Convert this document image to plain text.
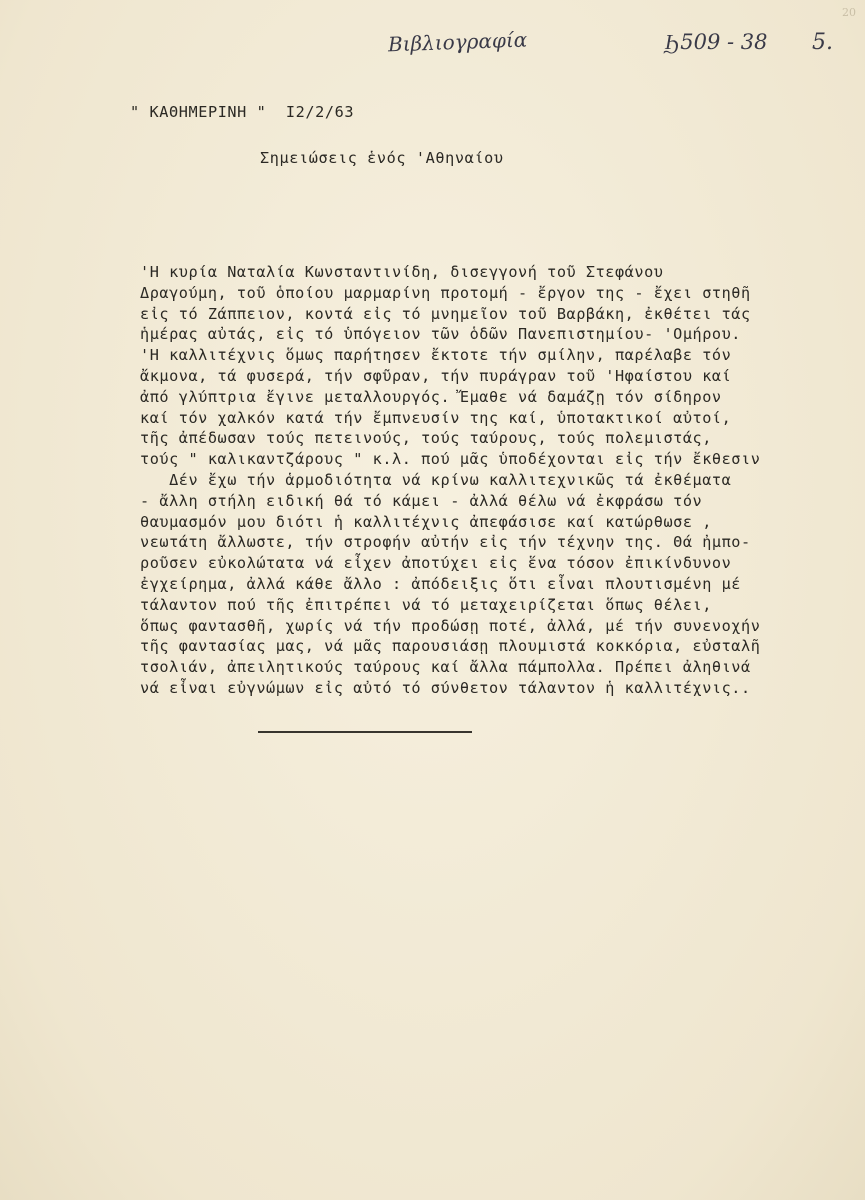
20
Βιβλιογραφία	Ϧ509 - 38 5.
" ΚΑΘΗΜΕΡΙΝΗ "  I2/2/63
Σημειώσεις ἑνός 'Αθηναίου
'Η κυρία Ναταλία Κωνσταντινίδη, δισεγγονή τοῦ Στεφάνου
Δραγούμη, τοῦ ὁποίου μαρμαρίνη προτομή - ἔργον της - ἔχει στηθῆ
εἰς τό Ζάππειον, κοντά εἰς τό μνημεῖον τοῦ Βαρβάκη, ἐκθέτει τάς
ἡμέρας αὐτάς, εἰς τό ὑπόγειον τῶν ὁδῶν Πανεπιστημίου- 'Ομήρου.
'Η καλλιτέχνις ὅμως παρήτησεν ἔκτοτε τήν σμίλην, παρέλαβε τόν
ἄκμονα, τά φυσερά, τήν σφῦραν, τήν πυράγραν τοῦ 'Ηφαίστου καί
ἀπό γλύπτρια ἔγινε μεταλλουργός. Ἔμαθε νά δαμάζῃ τόν σίδηρον
καί τόν χαλκόν κατά τήν ἔμπνευσίν της καί, ὑποτακτικοί αὐτοί,
τῆς ἀπέδωσαν τούς πετεινούς, τούς ταύρους, τούς πολεμιστάς,
τούς " καλικαντζάρους " κ.λ. πού μᾶς ὑποδέχονται εἰς τήν ἔκθεσιν
Δέν ἔχω τήν ἁρμοδιότητα νά κρίνω καλλιτεχνικῶς τά ἐκθέματα
- ἄλλη στήλη ειδική θά τό κάμει - ἀλλά θέλω νά ἐκφράσω τόν
θαυμασμόν μου διότι ἡ καλλιτέχνις ἀπεφάσισε καί κατώρθωσε ,
νεωτάτη ἄλλωστε, τήν στροφήν αὐτήν εἰς τήν τέχνην της. Θά ἠμπο-
ροῦσεν εὐκολώτατα νά εἶχεν ἀποτύχει εἰς ἕνα τόσον ἐπικίνδυνον
ἐγχείρημα, ἀλλά κάθε ἄλλο : ἀπόδειξις ὅτι εἶναι πλουτισμένη μέ
τάλαντον πού τῆς ἐπιτρέπει νά τό μεταχειρίζεται ὅπως θέλει,
ὅπως φαντασθῆ, χωρίς νά τήν προδώσῃ ποτέ, ἀλλά, μέ τήν συνενοχήν
τῆς φαντασίας μας, νά μᾶς παρουσιάσῃ πλουμιστά κοκκόρια, εὐσταλῆ
τσολιάν, ἀπειλητικούς ταύρους καί ἄλλα πάμπολλα. Πρέπει ἀληθινά
νά εἶναι εὐγνώμων εἰς αὐτό τό σύνθετον τάλαντον ἡ καλλιτέχνις..
